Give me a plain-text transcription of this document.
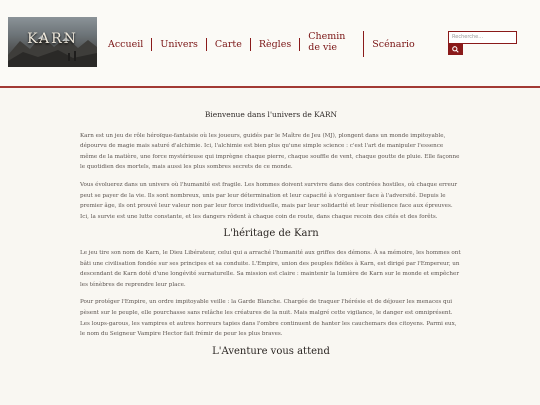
KARN	Accueil	Univers	Carte	Règles
Chemin de vie	Scénario
Recherche...
Bienvenue dans l'univers de KARN

Karn est un jeu de rôle héroïque-fantaisie où les joueurs, guidés par le Maître de Jeu (MJ), plongent dans un monde impitoyable, dépourvu de magie mais saturé d'alchimie. Ici, l'alchimie est bien plus qu'une simple science : c'est l'art de manipuler l'essence même de la matière, une force mystérieuse qui imprègne chaque pierre, chaque souffle de vent, chaque goutte de pluie. Elle façonne le quotidien des mortels, mais aussi les plus sombres secrets de ce monde.

Vous évoluerez dans un univers où l'humanité est fragile. Les hommes doivent survivre dans des contrées hostiles, où chaque erreur peut se payer de la vie. Ils sont nombreux, unis par leur détermination et leur capacité à s'organiser face à l'adversité. Depuis le premier âge, ils ont prouvé leur valeur non par leur force individuelle, mais par leur solidarité et leur résilience face aux épreuves. Ici, la survie est une lutte constante, et les dangers rôdent à chaque coin de route, dans chaque recoin des cités et des forêts.

L'héritage de Karn

Le jeu tire son nom de Karn, le Dieu Libérateur, celui qui a arraché l'humanité aux griffes des démons. À sa mémoire, les hommes ont bâti une civilisation fondée sur ses principes et sa conduite. L'Empire, union des peuples fidèles à Karn, est dirigé par l'Empereur, un descendant de Karn doté d'une longévité surnaturelle. Sa mission est claire : maintenir la lumière de Karn sur le monde et empêcher les ténèbres de reprendre leur place.

Pour protéger l'Empire, un ordre impitoyable veille : la Garde Blanche. Chargée de traquer l'hérésie et de déjouer les menaces qui pèsent sur le peuple, elle pourchasse sans relâche les créatures de la nuit. Mais malgré cette vigilance, le danger est omniprésent. Les loups-garous, les vampires et autres horreurs tapies dans l'ombre continuent de hanter les cauchemars des citoyens. Parmi eux, le nom du Seigneur Vampire Hector fait frémir de peur les plus braves.

L'Aventure vous attend
